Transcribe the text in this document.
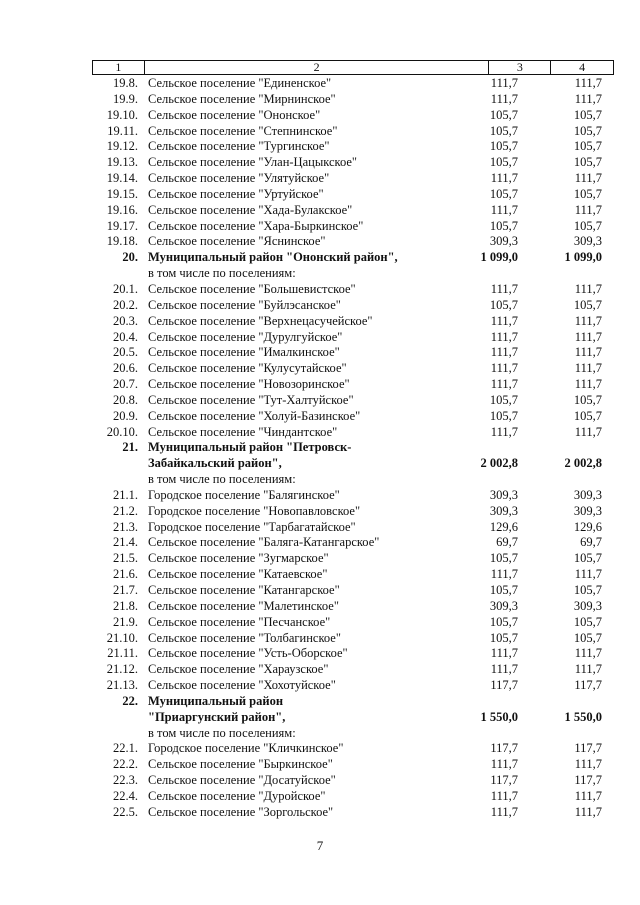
1	2	3	4
19.8. Сельское поселение "Единенское"	111,7	111,7
19.9. Сельское поселение "Мирнинское"	111,7	111,7
19.10. Сельское поселение "Ононское"	105,7	105,7
19.11. Сельское поселение "Степнинское"	105,7	105,7
19.12. Сельское поселение "Тургинское"	105,7	105,7
19.13. Сельское поселение "Улан-Цацыкское"	105,7	105,7
19.14. Сельское поселение "Улятуйское"	111,7	111,7
19.15. Сельское поселение "Уртуйское"	105,7	105,7
19.16. Сельское поселение "Хада-Булакское"	111,7	111,7
19.17. Сельское поселение "Хара-Быркинское"	105,7	105,7
19.18. Сельское поселение "Яснинское"	309,3	309,3
20. Муниципальный район "Ононский район",	1 099,0	1 099,0
в том числе по поселениям:
20.1. Сельское поселение "Большевистское"	111,7	111,7
20.2. Сельское поселение "Буйлэсанское"	105,7	105,7
20.3. Сельское поселение "Верхнецасучейское"	111,7	111,7
20.4. Сельское поселение "Дурулгуйское"	111,7	111,7
20.5. Сельское поселение "Ималкинское"	111,7	111,7
20.6. Сельское поселение "Кулусутайское"	111,7	111,7
20.7. Сельское поселение "Новозоринское"	111,7	111,7
20.8. Сельское поселение "Тут-Халтуйское"	105,7	105,7
20.9. Сельское поселение "Холуй-Базинское"	105,7	105,7
20.10. Сельское поселение "Чиндантское"	111,7	111,7
21. Муниципальный район "Петровск-
Забайкальский район",	2 002,8	2 002,8
в том числе по поселениям:
21.1. Городское поселение "Балягинское"	309,3	309,3
21.2. Городское поселение "Новопавловское"	309,3	309,3
21.3. Городское поселение "Тарбагатайское"	129,6	129,6
21.4. Сельское поселение "Баляга-Катангарское"	69,7	69,7
21.5. Сельское поселение "Зугмарское"	105,7	105,7
21.6. Сельское поселение "Катаевское"	111,7	111,7
21.7. Сельское поселение "Катангарское"	105,7	105,7
21.8. Сельское поселение "Малетинское"	309,3	309,3
21.9. Сельское поселение "Песчанское"	105,7	105,7
21.10. Сельское поселение "Толбагинское"	105,7	105,7
21.11. Сельское поселение "Усть-Оборское"	111,7	111,7
21.12. Сельское поселение "Хараузское"	111,7	111,7
21.13. Сельское поселение "Хохотуйское"	117,7	117,7
22. Муниципальный район
"Приаргунский район",	1 550,0	1 550,0
в том числе по поселениям:
22.1. Городское поселение "Кличкинское"	117,7	117,7
22.2. Сельское поселение "Быркинское"	111,7	111,7
22.3. Сельское поселение "Досатуйское"	117,7	117,7
22.4. Сельское поселение "Дуройское"	111,7	111,7
22.5. Сельское поселение "Зоргольское"	111,7	111,7
7
